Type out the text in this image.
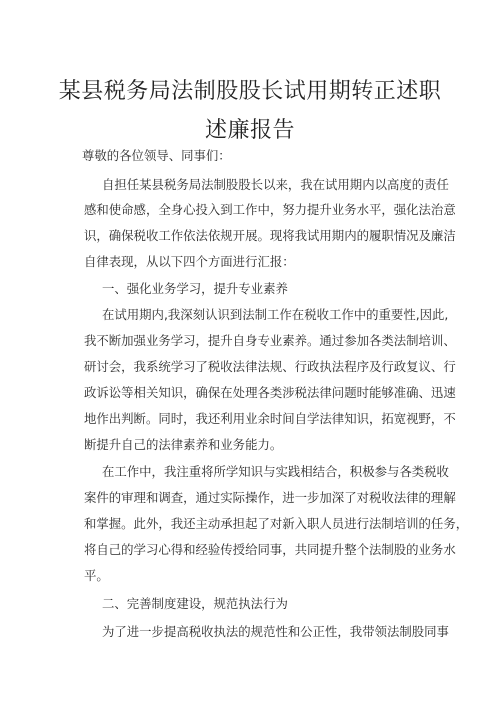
某县税务局法制股股长试用期转正述职
述廉报告
尊敬的各位领导、同事们：
自担任某县税务局法制股股长以来，我在试用期内以高度的责任
感和使命感，全身心投入到工作中，努力提升业务水平，强化法治意
识，确保税收工作依法依规开展。现将我试用期内的履职情况及廉洁
自律表现，从以下四个方面进行汇报：
一、强化业务学习，提升专业素养
在试用期内,我深刻认识到法制工作在税收工作中的重要性,因此,
我不断加强业务学习，提升自身专业素养。通过参加各类法制培训、
研讨会，我系统学习了税收法律法规、行政执法程序及行政复议、行
政诉讼等相关知识，确保在处理各类涉税法律问题时能够准确、迅速
地作出判断。同时，我还利用业余时间自学法律知识，拓宽视野，不
断提升自己的法律素养和业务能力。
在工作中，我注重将所学知识与实践相结合，积极参与各类税收
案件的审理和调查，通过实际操作，进一步加深了对税收法律的理解
和掌握。此外，我还主动承担起了对新入职人员进行法制培训的任务，
将自己的学习心得和经验传授给同事，共同提升整个法制股的业务水
平。
二、完善制度建设，规范执法行为
为了进一步提高税收执法的规范性和公正性，我带领法制股同事
